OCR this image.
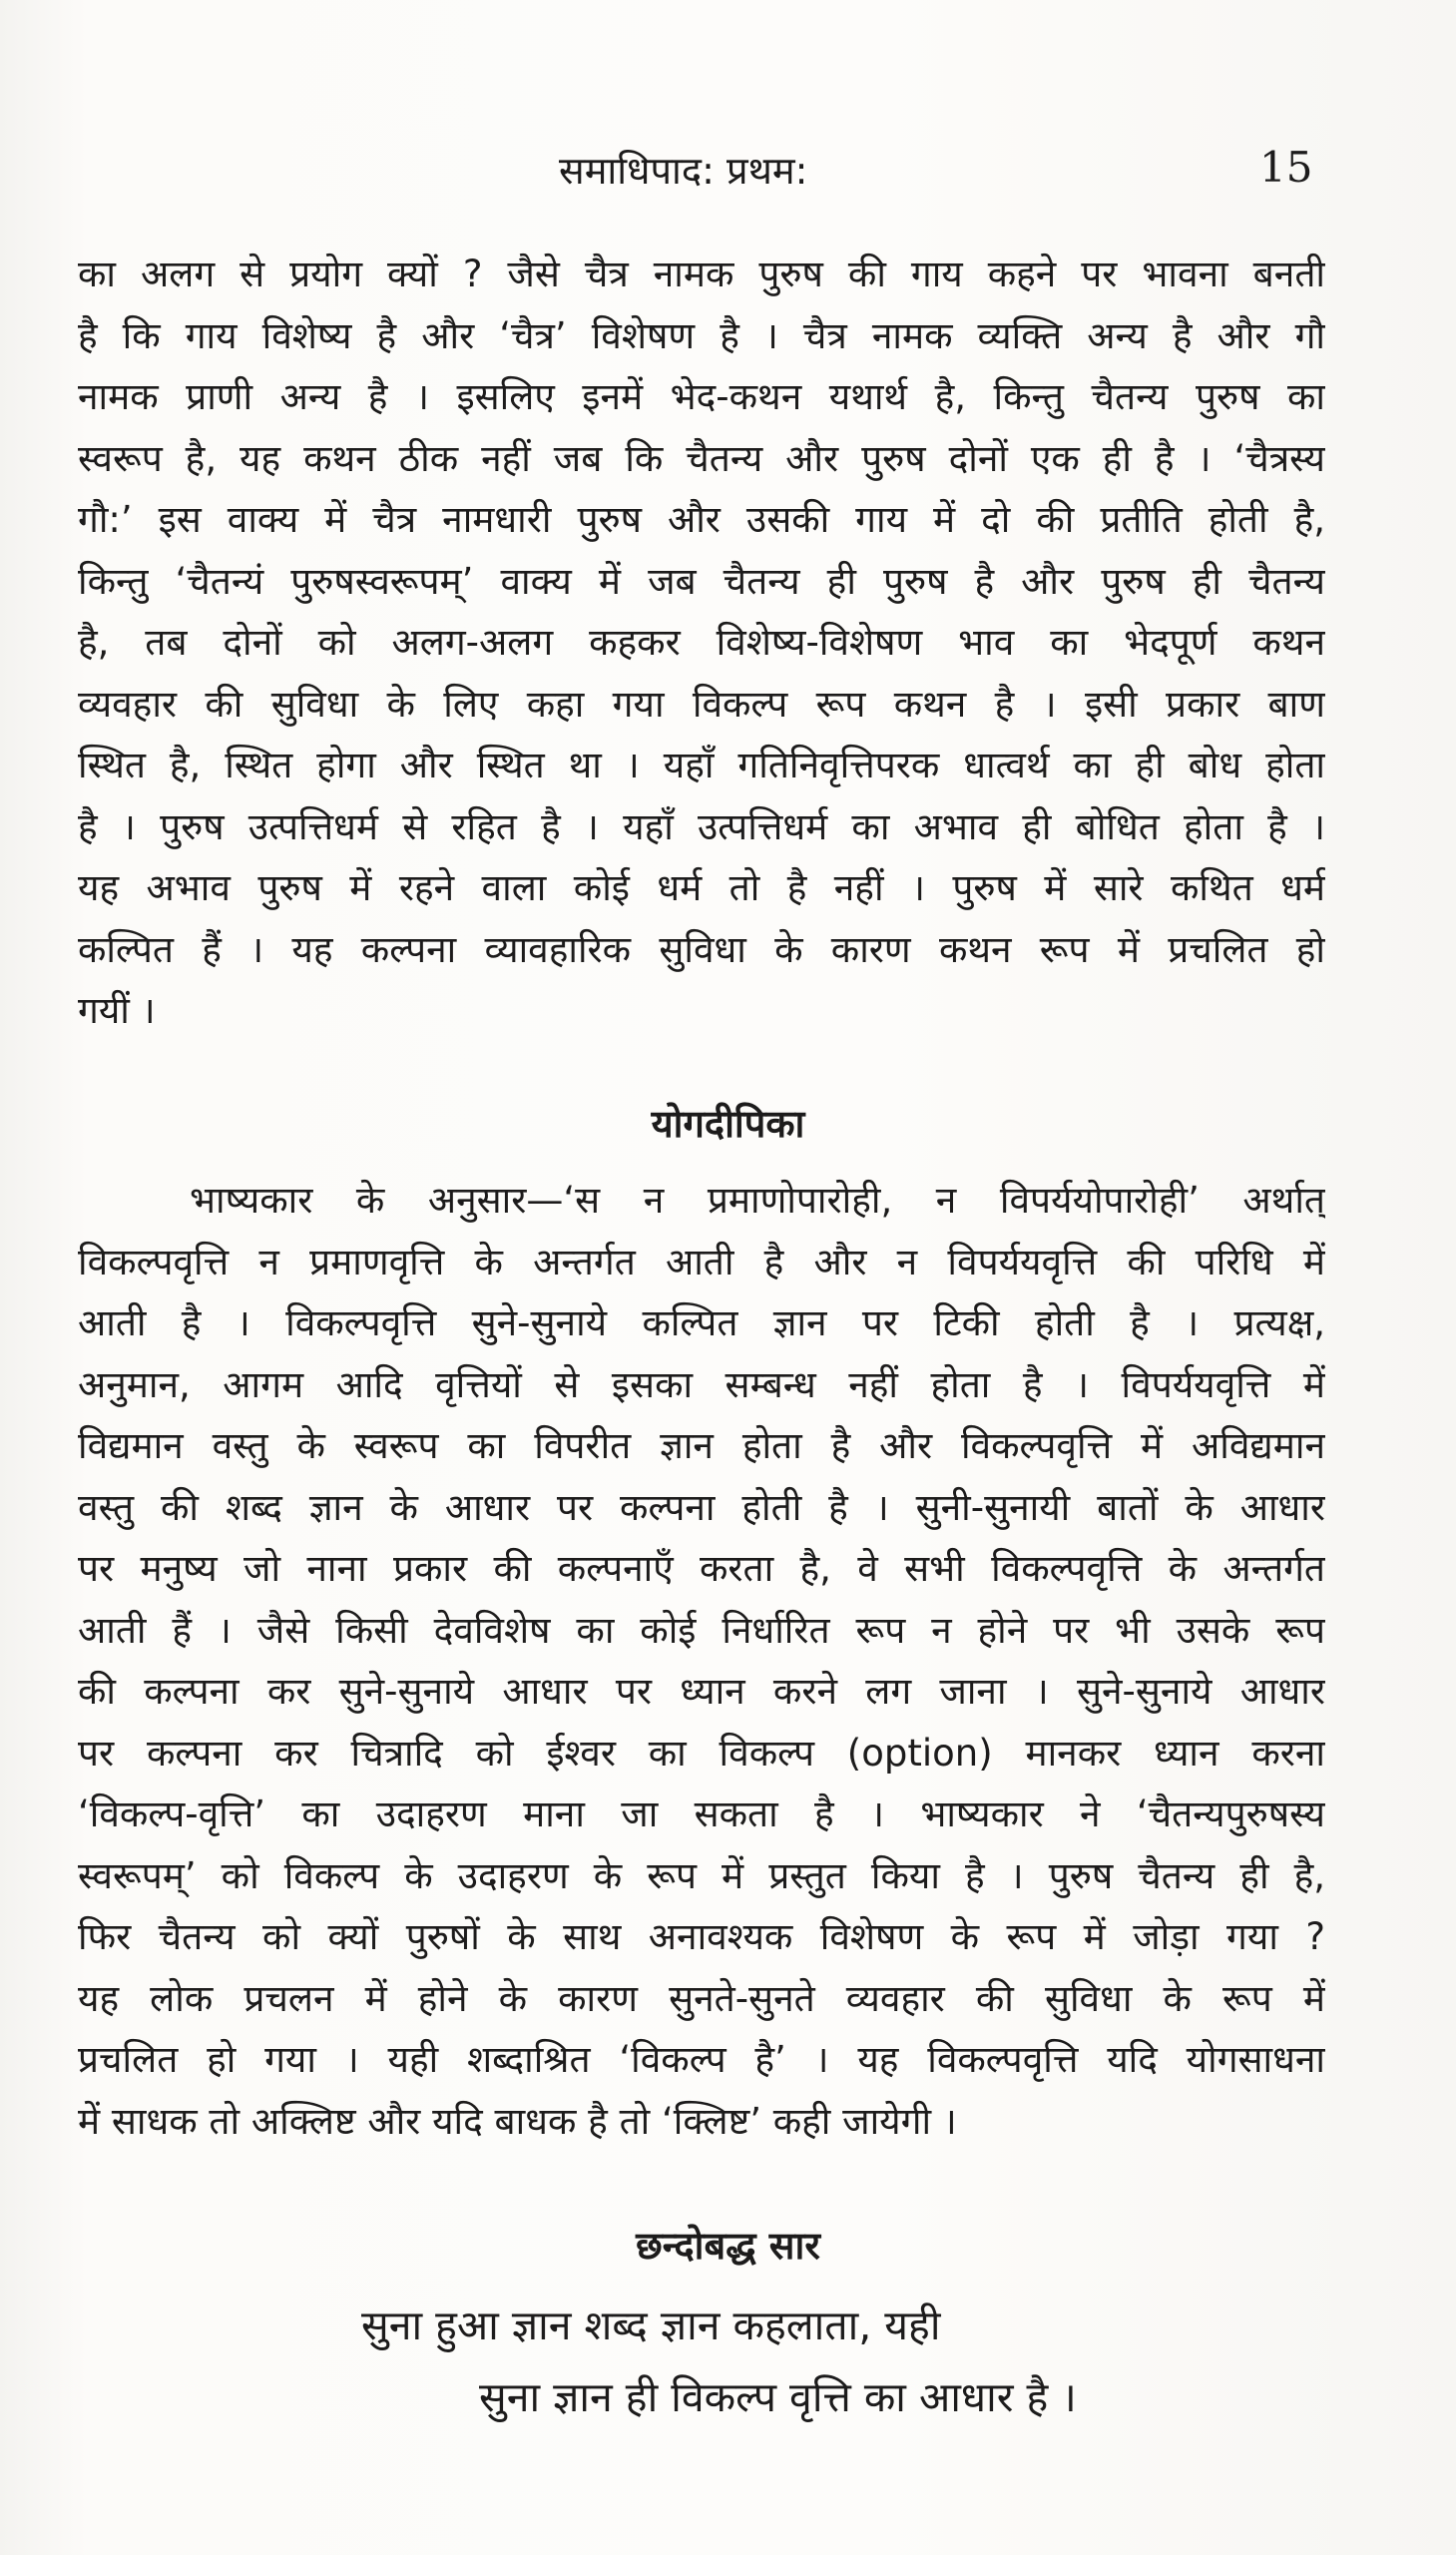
समाधिपाद: प्रथम:	15

का अलग से प्रयोग क्यों ? जैसे चैत्र नामक पुरुष की गाय कहने पर भावना बनती
है कि गाय विशेष्य है और ‘चैत्र’ विशेषण है । चैत्र नामक व्यक्ति अन्य है और गौ
नामक प्राणी अन्य है । इसलिए इनमें भेद-कथन यथार्थ है, किन्तु चैतन्य पुरुष का
स्वरूप है, यह कथन ठीक नहीं जब कि चैतन्य और पुरुष दोनों एक ही है । ‘चैत्रस्य
गौ:’ इस वाक्य में चैत्र नामधारी पुरुष और उसकी गाय में दो की प्रतीति होती है,
किन्तु ‘चैतन्यं पुरुषस्वरूपम्’ वाक्य में जब चैतन्य ही पुरुष है और पुरुष ही चैतन्य
है, तब दोनों को अलग-अलग कहकर विशेष्य-विशेषण भाव का भेदपूर्ण कथन
व्यवहार की सुविधा के लिए कहा गया विकल्प रूप कथन है । इसी प्रकार बाण
स्थित है, स्थित होगा और स्थित था । यहाँ गतिनिवृत्तिपरक धात्वर्थ का ही बोध होता
है । पुरुष उत्पत्तिधर्म से रहित है । यहाँ उत्पत्तिधर्म का अभाव ही बोधित होता है ।
यह अभाव पुरुष में रहने वाला कोई धर्म तो है नहीं । पुरुष में सारे कथित धर्म
कल्पित हैं । यह कल्पना व्यावहारिक सुविधा के कारण कथन रूप में प्रचलित हो
गयीं ।

योगदीपिका

भाष्यकार के अनुसार—‘स न प्रमाणोपारोही, न विपर्ययोपारोही’ अर्थात्
विकल्पवृत्ति न प्रमाणवृत्ति के अन्तर्गत आती है और न विपर्ययवृत्ति की परिधि में
आती है । विकल्पवृत्ति सुने-सुनाये कल्पित ज्ञान पर टिकी होती है । प्रत्यक्ष,
अनुमान, आगम आदि वृत्तियों से इसका सम्बन्ध नहीं होता है । विपर्ययवृत्ति में
विद्यमान वस्तु के स्वरूप का विपरीत ज्ञान होता है और विकल्पवृत्ति में अविद्यमान
वस्तु की शब्द ज्ञान के आधार पर कल्पना होती है । सुनी-सुनायी बातों के आधार
पर मनुष्य जो नाना प्रकार की कल्पनाएँ करता है, वे सभी विकल्पवृत्ति के अन्तर्गत
आती हैं । जैसे किसी देवविशेष का कोई निर्धारित रूप न होने पर भी उसके रूप
की कल्पना कर सुने-सुनाये आधार पर ध्यान करने लग जाना । सुने-सुनाये आधार
पर कल्पना कर चित्रादि को ईश्वर का विकल्प (option) मानकर ध्यान करना
‘विकल्प-वृत्ति’ का उदाहरण माना जा सकता है । भाष्यकार ने ‘चैतन्यपुरुषस्य
स्वरूपम्’ को विकल्प के उदाहरण के रूप में प्रस्तुत किया है । पुरुष चैतन्य ही है,
फिर चैतन्य को क्यों पुरुषों के साथ अनावश्यक विशेषण के रूप में जोड़ा गया ?
यह लोक प्रचलन में होने के कारण सुनते-सुनते व्यवहार की सुविधा के रूप में
प्रचलित हो गया । यही शब्दाश्रित ‘विकल्प है’ । यह विकल्पवृत्ति यदि योगसाधना
में साधक तो अक्लिष्ट और यदि बाधक है तो ‘क्लिष्ट’ कही जायेगी ।

छन्दोबद्ध सार
सुना हुआ ज्ञान शब्द ज्ञान कहलाता, यही
सुना ज्ञान ही विकल्प वृत्ति का आधार है ।
